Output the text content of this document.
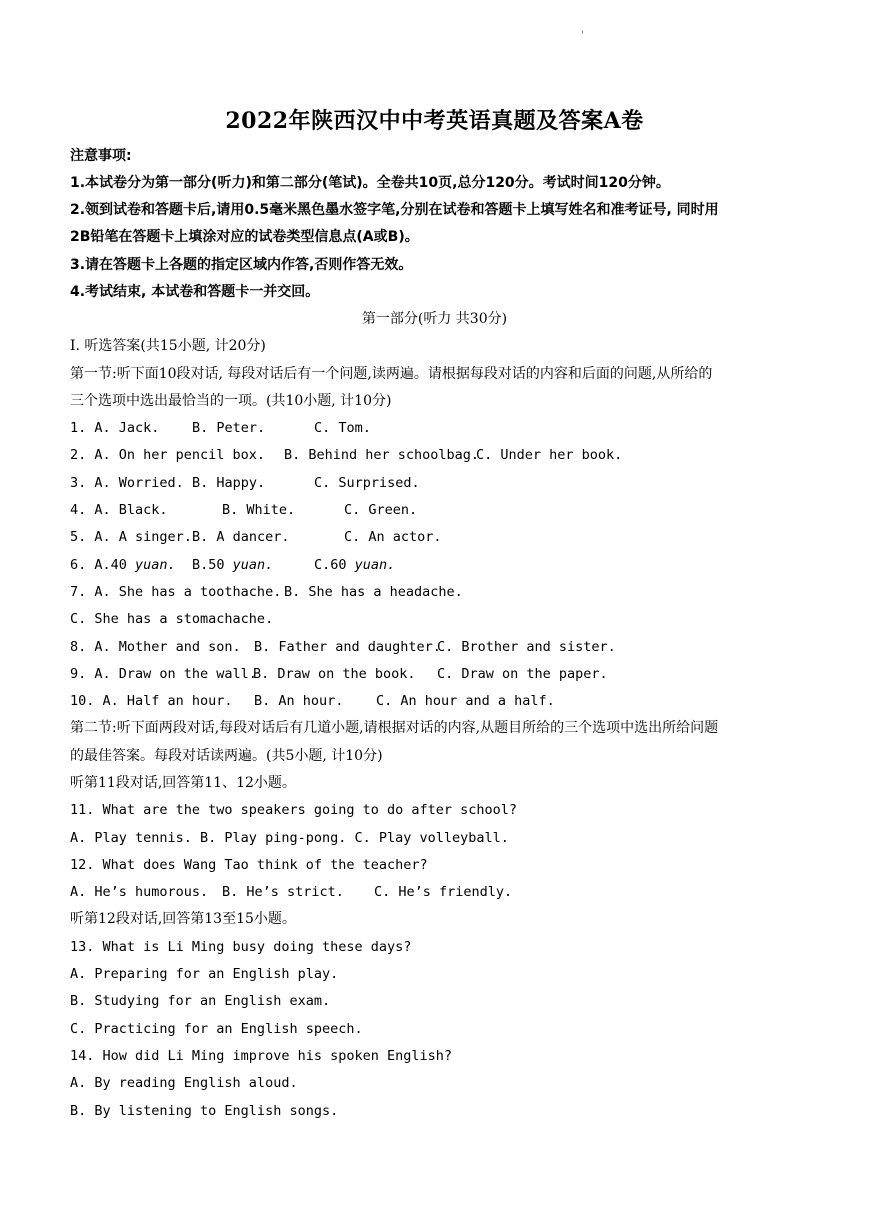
'
2022年陕西汉中中考英语真题及答案A卷
注意事项:
1.本试卷分为第一部分(听力)和第二部分(笔试)。全卷共10页,总分120分。考试时间120分钟。
2.领到试卷和答题卡后,请用0.5毫米黑色墨水签字笔,分别在试卷和答题卡上填写姓名和准考证号, 同时用
2B铅笔在答题卡上填涂对应的试卷类型信息点(A或B)。
3.请在答题卡上各题的指定区域内作答,否则作答无效。
4.考试结束, 本试卷和答题卡一并交回。
第一部分(听力 共30分)
I. 听选答案(共15小题, 计20分)
第一节:听下面10段对话, 每段对话后有一个问题,读两遍。请根据每段对话的内容和后面的问题,从所给的
三个选项中选出最恰当的一项。(共10小题, 计10分)
1. A. Jack. B. Peter.	C. Tom.
2. A. On her pencil box. B. Behind her schoolbag.C. Under her book.
3. A. Worried. B. Happy.	C. Surprised.
4. A. Black.	B. White.	C. Green.
5. A. A singer.B. A dancer.	C. An actor.
6. A.40 yuan. B.50 yuan.	C.60 yuan.
7. A. She has a toothache. B. She has a headache.
C. She has a stomachache.
8. A. Mother and son. B. Father and daughter.C. Brother and sister.
9. A. Draw on the wall.B. Draw on the book. C. Draw on the paper.
10. A. Half an hour. B. An hour. C. An hour and a half.
第二节:听下面两段对话,每段对话后有几道小题,请根据对话的内容,从题目所给的三个选项中选出所给问题
的最佳答案。每段对话读两遍。(共5小题, 计10分)
听第11段对话,回答第11、12小题。
11. What are the two speakers going to do after school?
A. Play tennis. B. Play ping-pong. C. Play volleyball.
12. What does Wang Tao think of the teacher?
A. He’s humorous. B. He’s strict. C. He’s friendly.
听第12段对话,回答第13至15小题。
13. What is Li Ming busy doing these days?
A. Preparing for an English play.
B. Studying for an English exam.
C. Practicing for an English speech.
14. How did Li Ming improve his spoken English?
A. By reading English aloud.
B. By listening to English songs.
